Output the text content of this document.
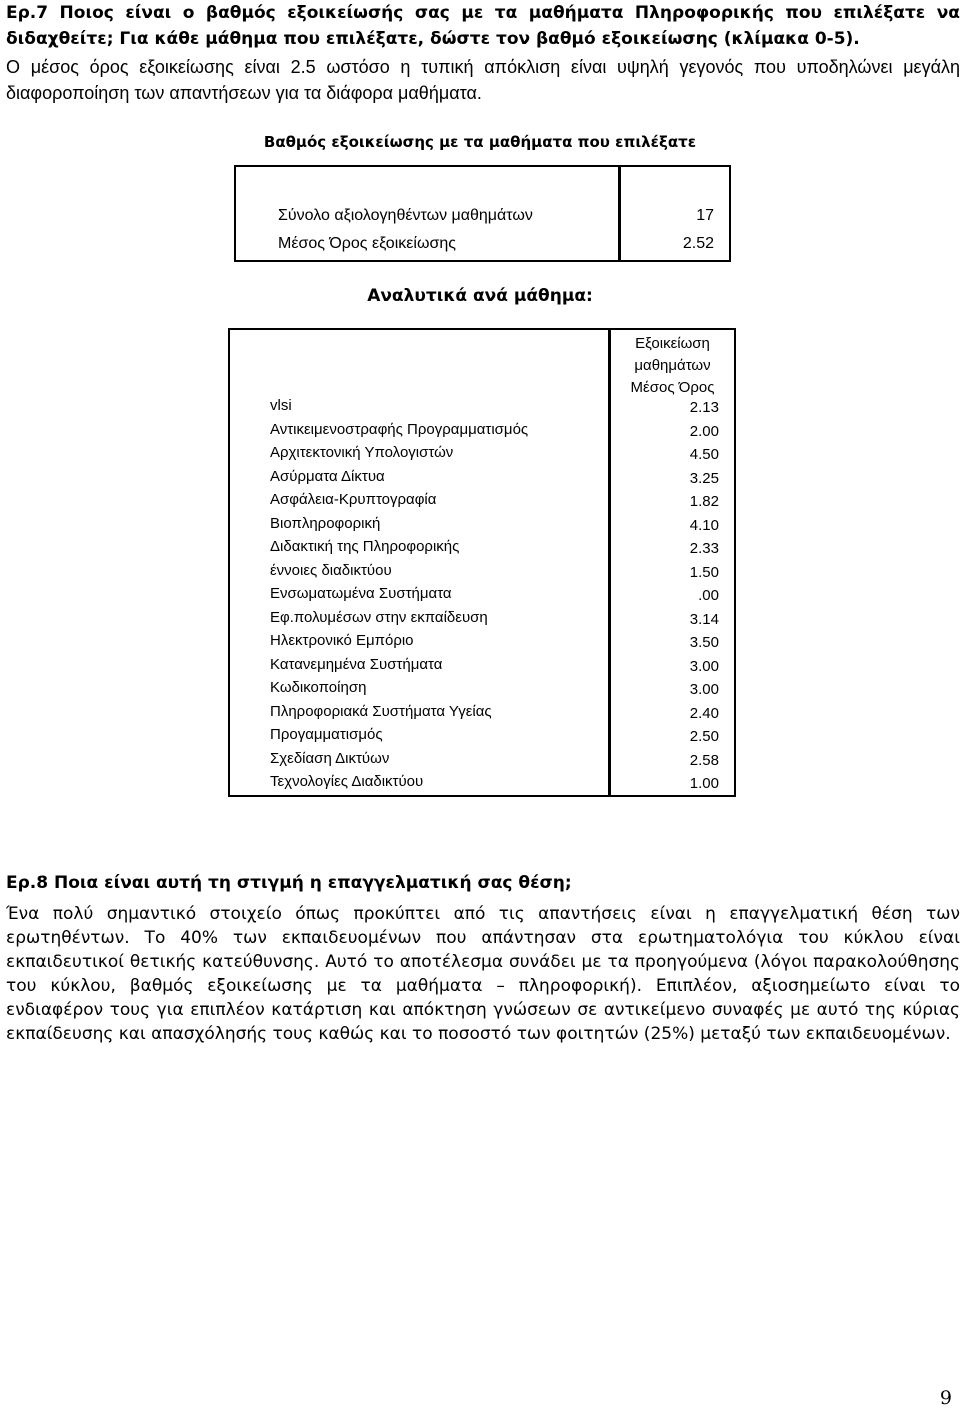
Ερ.7 Ποιος είναι ο βαθμός εξοικείωσής σας με τα μαθήματα Πληροφορικής που επιλέξατε να διδαχθείτε; Για κάθε μάθημα που επιλέξατε, δώστε τον βαθμό εξοικείωσης (κλίμακα 0-5).

Ο μέσος όρος εξοικείωσης είναι 2.5 ωστόσο η τυπική απόκλιση είναι υψηλή γεγονός που υποδηλώνει μεγάλη διαφοροποίηση των απαντήσεων για τα διάφορα μαθήματα.

Βαθμός εξοικείωσης με τα μαθήματα που επιλέξατε
Σύνολο αξιολογηθέντων μαθημάτων	17
Μέσος Όρος εξοικείωσης	2.52
Αναλυτικά ανά μάθημα:
Εξοικείωση
μαθημάτων
Μέσος Όρος
vlsi	2.13
Αντικειμενοστραφής Προγραμματισμός	2.00
Αρχιτεκτονική Υπολογιστών	4.50
Ασύρματα Δίκτυα	3.25
Ασφάλεια-Κρυπτογραφία	1.82
Βιοπληροφορική	4.10
Διδακτική της Πληροφορικής	2.33
έννοιες διαδικτύου	1.50
Ενσωματωμένα Συστήματα	.00
Εφ.πολυμέσων στην εκπαίδευση	3.14
Ηλεκτρονικό Εμπόριο	3.50
Κατανεμημένα Συστήματα	3.00
Κωδικοποίηση	3.00
Πληροφοριακά Συστήματα Υγείας	2.40
Προγαμματισμός	2.50
Σχεδίαση Δικτύων	2.58
Τεχνολογίες Διαδικτύου	1.00

Ερ.8 Ποια είναι αυτή τη στιγμή η επαγγελματική σας θέση;

Ένα πολύ σημαντικό στοιχείο όπως προκύπτει από τις απαντήσεις είναι η επαγγελματική θέση των ερωτηθέντων. Το 40% των εκπαιδευομένων που απάντησαν στα ερωτηματολόγια του κύκλου είναι εκπαιδευτικοί θετικής κατεύθυνσης. Αυτό το αποτέλεσμα συνάδει με τα προηγούμενα (λόγοι παρακολούθησης του κύκλου, βαθμός εξοικείωσης με τα μαθήματα – πληροφορική). Επιπλέον, αξιοσημείωτο είναι το ενδιαφέρον τους για επιπλέον κατάρτιση και απόκτηση γνώσεων σε αντικείμενο συναφές με αυτό της κύριας εκπαίδευσης και απασχόλησής τους καθώς και το ποσοστό των φοιτητών (25%) μεταξύ των εκπαιδευομένων.

9
